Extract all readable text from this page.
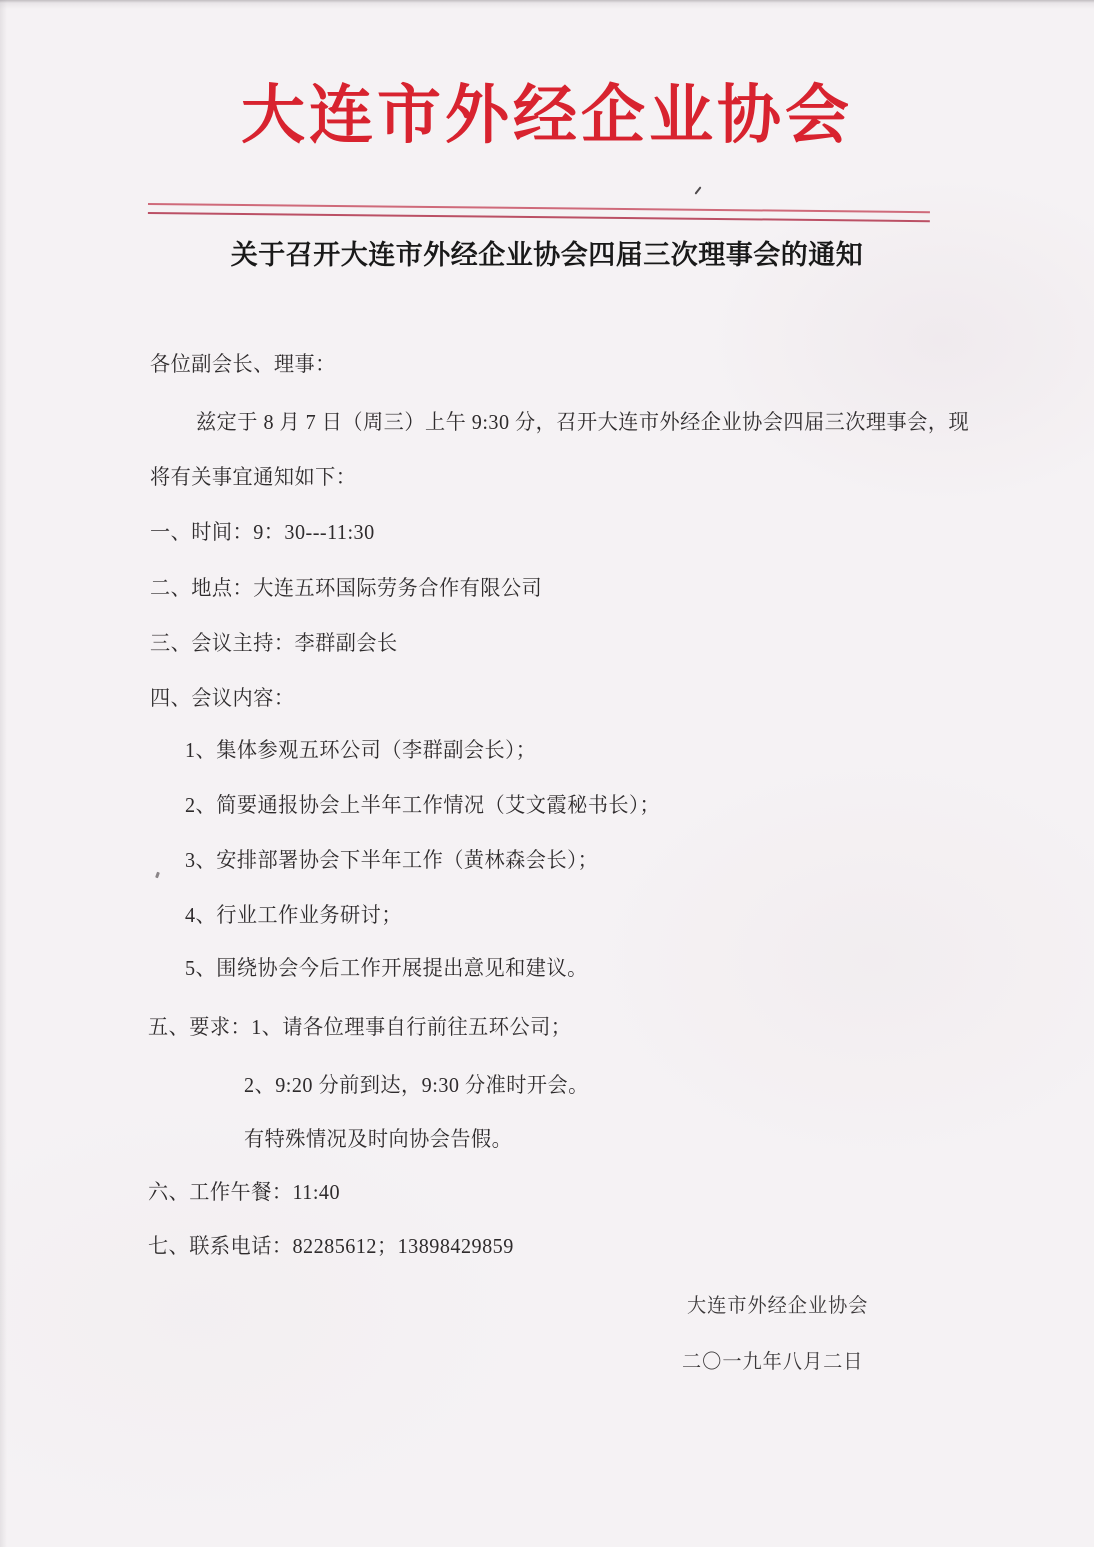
大连市外经企业协会
关于召开大连市外经企业协会四届三次理事会的通知
各位副会长、理事：
兹定于 8 月 7 日（周三）上午 9:30 分，召开大连市外经企业协会四届三次理事会，现
将有关事宜通知如下：
一、时间：9：30---11:30
二、地点：大连五环国际劳务合作有限公司
三、会议主持：李群副会长
四、会议内容：
1、集体参观五环公司（李群副会长）；
2、简要通报协会上半年工作情况（艾文霞秘书长）；
3、安排部署协会下半年工作（黄林森会长）；
4、行业工作业务研讨；
5、围绕协会今后工作开展提出意见和建议。
五、要求：1、请各位理事自行前往五环公司；
2、9:20 分前到达，9:30 分准时开会。
有特殊情况及时向协会告假。
六、工作午餐：11:40
七、联系电话：82285612；13898429859
大连市外经企业协会
二〇一九年八月二日
